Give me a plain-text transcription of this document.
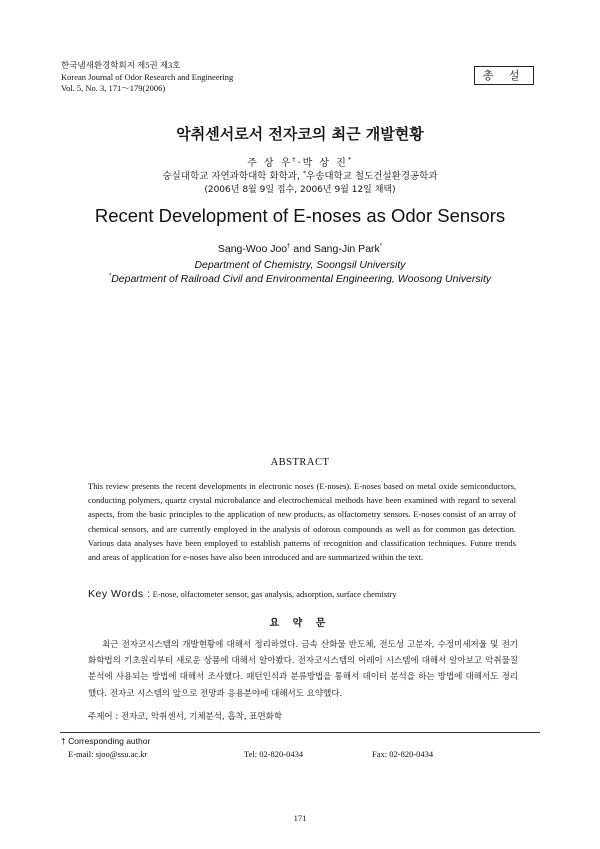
한국냄새환경학회지 제5권 제3호
Korean Journal of Odor Research and Engineering
Vol. 5, No. 3, 171～179(2006)
총 설
악취센서로서 전자코의 최근 개발현황
주 상 우†·박 상 진*
숭실대학교 자연과학대학 화학과, *우송대학교 철도건설환경공학과
(2006년 8월 9일 접수, 2006년 9월 12일 채택)
Recent Development of E-noses as Odor Sensors
Sang-Woo Joo† and Sang-Jin Park*
Department of Chemistry, Soongsil University
*Department of Railroad Civil and Environmental Engineering, Woosong University
ABSTRACT
This review presents the recent developments in electronic noses (E-noses). E-noses based on metal oxide semiconductors, conducting polymers, quartz crystal microbalance and electrochemical methods have been examined with regard to several aspects, from the basic principles to the application of new products, as olfactometry sensors. E-noses consist of an array of chemical sensors, and are currently employed in the analysis of odorous compounds as well as for common gas detection. Various data analyses have been employed to establish patterns of recognition and classification techniques. Future trends and areas of application for e-noses have also been introduced and are summarized within the text.
Key Words : E-nose, olfactometer sensor, gas analysis, adsorption, surface chemistry
요 약 문
최근 전자코시스템의 개발현황에 대해서 정리하였다. 금속 산화물 반도체, 전도성 고분자, 수정미세저울 및 전기화학법의 기초원리부터 새로운 상품에 대해서 알아봤다. 전자코시스템의 어레이 시스템에 대해서 알아보고 악취물질 분석에 사용되는 방법에 대해서 조사했다. 패턴인식과 분류방법을 통해서 데이터 분석을 하는 방법에 대해서도 정리했다. 전자코 시스템의 앞으로 전망과 응용분야에 대해서도 요약했다.
주제어 : 전자코, 악취센서, 기체분석, 흡착, 표면화학
† Corresponding author
E-mail: sjoo@ssu.ac.kr	Tel: 02-820-0434	Fax: 02-820-0434
171
